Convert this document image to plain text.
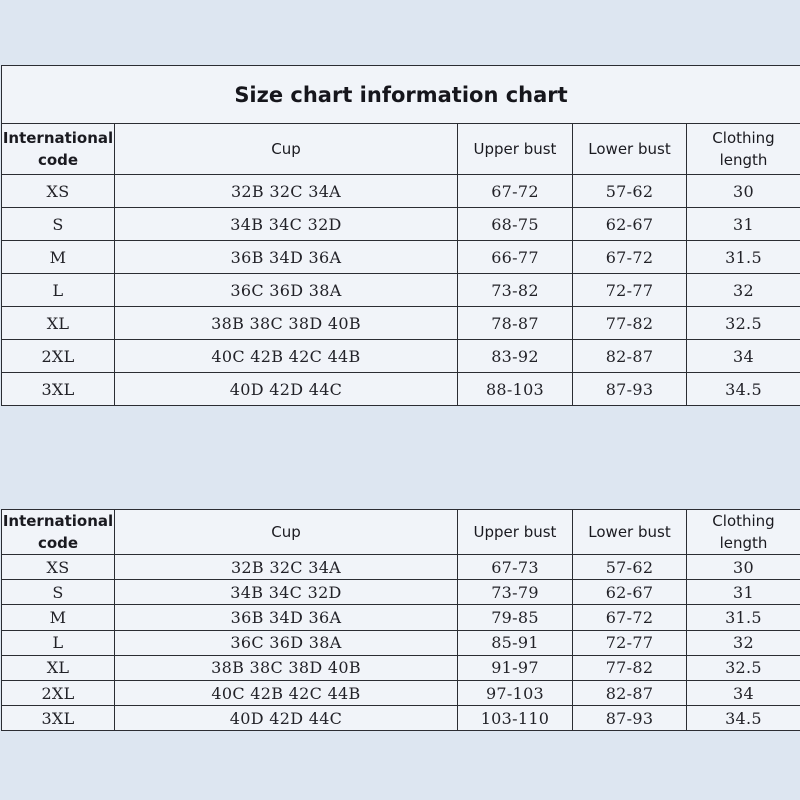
Size chart information chart				
International code	Cup	Upper bust	Lower bust	Clothing length
XS	32B 32C 34A	67-72	57-62	30
S	34B 34C 32D	68-75	62-67	31
M	36B 34D 36A	66-77	67-72	31.5
L	36C 36D 38A	73-82	72-77	32
XL	38B 38C 38D 40B	78-87	77-82	32.5
2XL	40C 42B 42C 44B	83-92	82-87	34
3XL	40D 42D 44C	88-103	87-93	34.5
International code	Cup	Upper bust	Lower bust	Clothing length
XS	32B 32C 34A	67-73	57-62	30
S	34B 34C 32D	73-79	62-67	31
M	36B 34D 36A	79-85	67-72	31.5
L	36C 36D 38A	85-91	72-77	32
XL	38B 38C 38D 40B	91-97	77-82	32.5
2XL	40C 42B 42C 44B	97-103	82-87	34
3XL	40D 42D 44C	103-110	87-93	34.5
